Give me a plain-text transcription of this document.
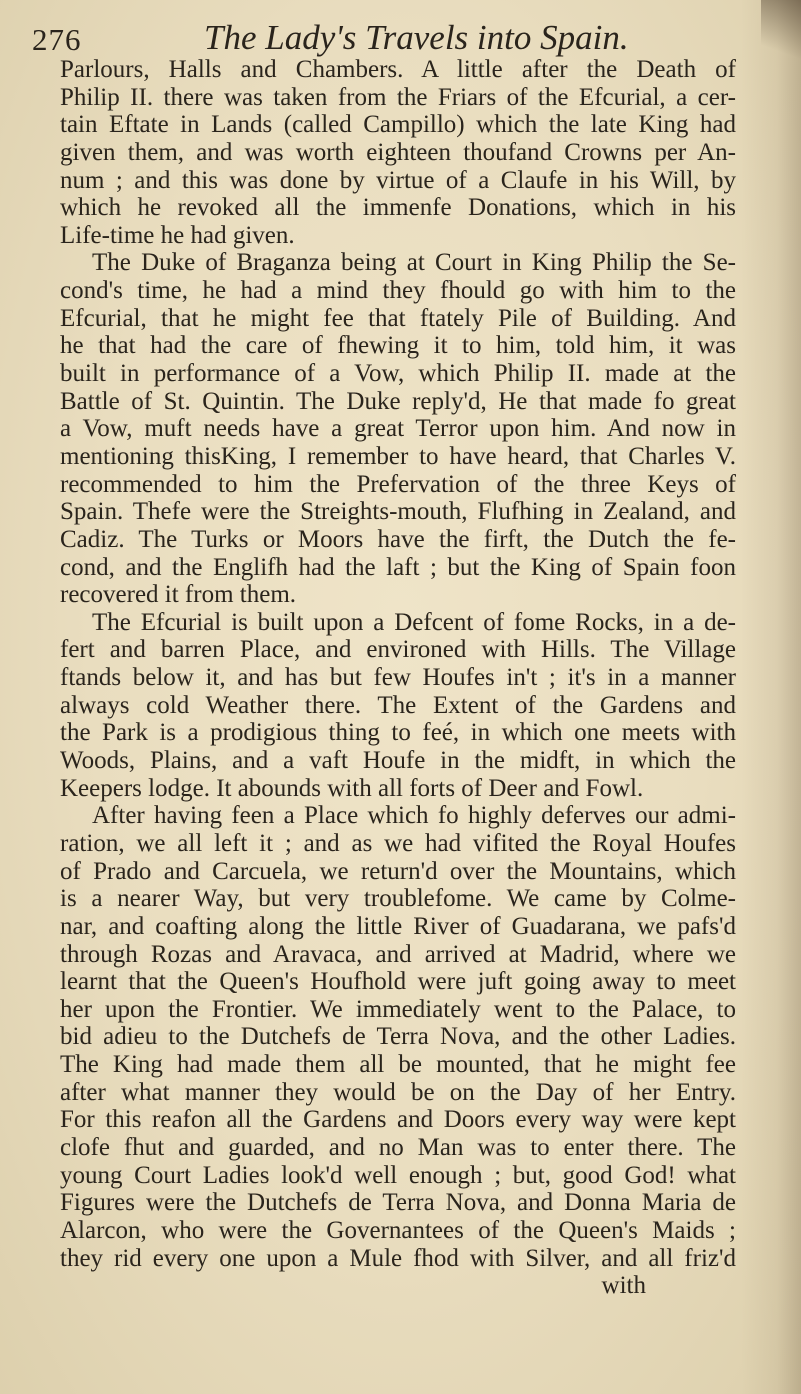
276	The Lady's Travels into Spain.
Parlours, Halls and Chambers. A little after the Death of
Philip II. there was taken from the Friars of the Efcurial, a cer-
tain Eftate in Lands (called Campillo) which the late King had
given them, and was worth eighteen thoufand Crowns per An-
num ; and this was done by virtue of a Claufe in his Will, by
which he revoked all the immenfe Donations, which in his
Life-time he had given.
The Duke of Braganza being at Court in King Philip the Se-
cond's time, he had a mind they fhould go with him to the
Efcurial, that he might fee that ftately Pile of Building. And
he that had the care of fhewing it to him, told him, it was
built in performance of a Vow, which Philip II. made at the
Battle of St. Quintin. The Duke reply'd, He that made fo great
a Vow, muft needs have a great Terror upon him. And now in
mentioning thisKing, I remember to have heard, that Charles V.
recommended to him the Prefervation of the three Keys of
Spain. Thefe were the Streights-mouth, Flufhing in Zealand, and
Cadiz. The Turks or Moors have the firft, the Dutch the fe-
cond, and the Englifh had the laft ; but the King of Spain foon
recovered it from them.
The Efcurial is built upon a Defcent of fome Rocks, in a de-
fert and barren Place, and environed with Hills. The Village
ftands below it, and has but few Houfes in't ; it's in a manner
always cold Weather there. The Extent of the Gardens and
the Park is a prodigious thing to feé, in which one meets with
Woods, Plains, and a vaft Houfe in the midft, in which the
Keepers lodge. It abounds with all forts of Deer and Fowl.
After having feen a Place which fo highly deferves our admi-
ration, we all left it ; and as we had vifited the Royal Houfes
of Prado and Carcuela, we return'd over the Mountains, which
is a nearer Way, but very troublefome. We came by Colme-
nar, and coafting along the little River of Guadarana, we pafs'd
through Rozas and Aravaca, and arrived at Madrid, where we
learnt that the Queen's Houfhold were juft going away to meet
her upon the Frontier. We immediately went to the Palace, to
bid adieu to the Dutchefs de Terra Nova, and the other Ladies.
The King had made them all be mounted, that he might fee
after what manner they would be on the Day of her Entry.
For this reafon all the Gardens and Doors every way were kept
clofe fhut and guarded, and no Man was to enter there. The
young Court Ladies look'd well enough ; but, good God! what
Figures were the Dutchefs de Terra Nova, and Donna Maria de
Alarcon, who were the Governantees of the Queen's Maids ;
they rid every one upon a Mule fhod with Silver, and all friz'd
with
